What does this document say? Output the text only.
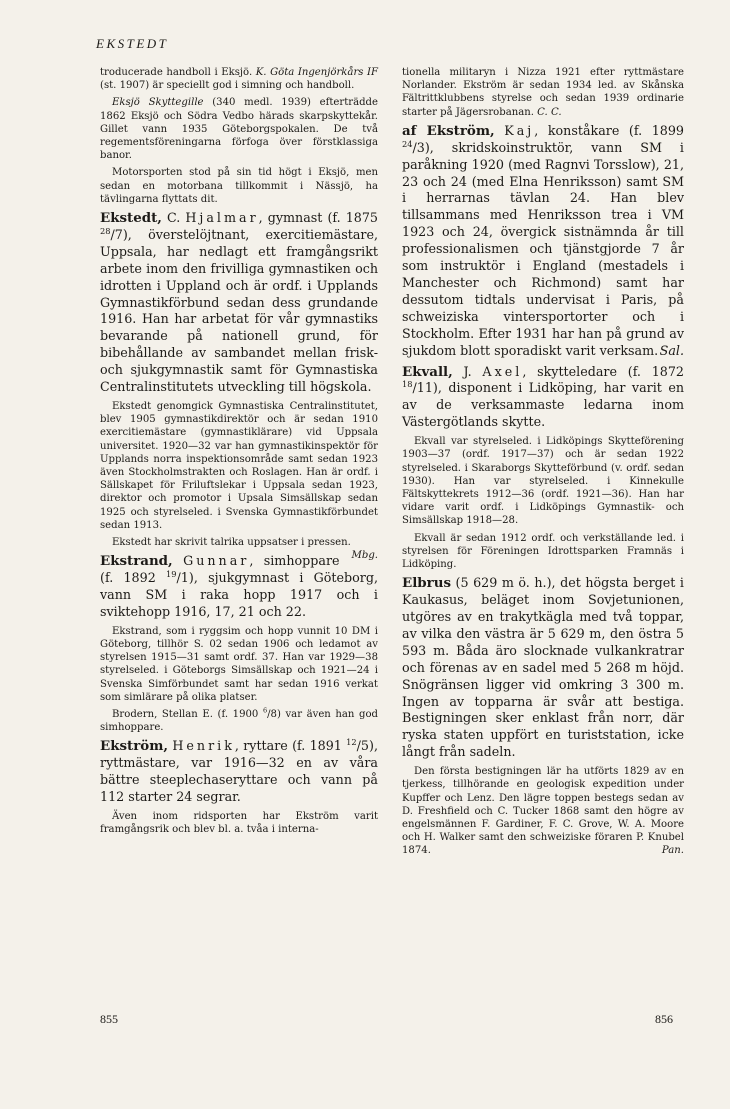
EKSTEDT

troducerade handboll i Eksjö. K. Göta Ingenjörkårs IF (st. 1907) är speciellt god i simning och handboll.

Eksjö Skyttegille (340 medl. 1939) efterträdde 1862 Eksjö och Södra Vedbo härads skarpskyttekår. Gillet vann 1935 Göteborgspokalen. De två regementsföreningarna förfoga över förstklassiga banor.

Motorsporten stod på sin tid högt i Eksjö, men sedan en motorbana tillkommit i Nässjö, ha tävlingarna flyttats dit.

Ekstedt, C. Hjalmar, gymnast (f. 1875 $^{28}$/7), överstelöjtnant, exercitiemästare, Uppsala, har nedlagt ett framgångsrikt arbete inom den frivilliga gymnastiken och idrotten i Uppland och är ordf. i Upplands Gymnastikförbund sedan dess grundande 1916. Han har arbetat för vår gymnastiks bevarande på nationell grund, för bibehållande av sambandet mellan frisk- och sjukgymnastik samt för Gymnastiska Centralinstitutets utveckling till högskola.

Ekstedt genomgick Gymnastiska Centralinstitutet, blev 1905 gymnastikdirektör och är sedan 1910 exercitiemästare (gymnastiklärare) vid Uppsala universitet. 1920—32 var han gymnastikinspektör för Upplands norra inspektionsområde samt sedan 1923 även Stockholmstrakten och Roslagen. Han är ordf. i Sällskapet för Friluftslekar i Uppsala sedan 1923, direktor och promotor i Upsala Simsällskap sedan 1925 och styrelseled. i Svenska Gymnastikförbundet sedan 1913.

Ekstedt har skrivit talrika uppsatser i pressen.
Mbg.

Ekstrand, Gunnar, simhoppare (f. 1892 $^{19}$/1), sjukgymnast i Göteborg, vann SM i raka hopp 1917 och i sviktehopp 1916, 17, 21 och 22.

Ekstrand, som i ryggsim och hopp vunnit 10 DM i Göteborg, tillhör S. 02 sedan 1906 och ledamot av styrelsen 1915—31 samt ordf. 37. Han var 1929—38 styrelseled. i Göteborgs Simsällskap och 1921—24 i Svenska Simförbundet samt har sedan 1916 verkat som simlärare på olika platser.

Brodern, Stellan E. (f. 1900 $^6$/8) var även han god simhoppare.

Ekström, Henrik, ryttare (f. 1891 $^{12}$/5), ryttmästare, var 1916—32 en av våra bättre steeplechaseryttare och vann på 112 starter 24 segrar.

Även inom ridsporten har Ekström varit framgångsrik och blev bl. a. tvåa i interna-

tionella militaryn i Nizza 1921 efter ryttmästare Norlander. Ekström är sedan 1934 led. av Skånska Fältrittklubbens styrelse och sedan 1939 ordinarie starter på Jägersrobanan. C. C.

af Ekström, Kaj, konståkare (f. 1899 $^{24}$/3), skridskoinstruktör, vann SM i paråkning 1920 (med Ragnvi Torsslow), 21, 23 och 24 (med Elna Henriksson) samt SM i herrarnas tävlan 24. Han blev tillsammans med Henriksson trea i VM 1923 och 24, övergick sistnämnda år till professionalismen och tjänstgjorde 7 år som instruktör i England (mestadels i Manchester och Richmond) samt har dessutom tidtals undervisat i Paris, på schweiziska vintersportorter och i Stockholm. Efter 1931 har han på grund av sjukdom blott sporadiskt varit verksam. Sal.

Ekvall, J. Axel, skytteledare (f. 1872 $^{18}$/11), disponent i Lidköping, har varit en av de verksammaste ledarna inom Västergötlands skytte.

Ekvall var styrelseled. i Lidköpings Skytteförening 1903—37 (ordf. 1917—37) och är sedan 1922 styrelseled. i Skaraborgs Skytteförbund (v. ordf. sedan 1930). Han var styrelseled. i Kinnekulle Fältskyttekrets 1912—36 (ordf. 1921—36). Han har vidare varit ordf. i Lidköpings Gymnastik- och Simsällskap 1918—28.

Ekvall är sedan 1912 ordf. och verkställande led. i styrelsen för Föreningen Idrottsparken Framnäs i Lidköping.

Elbrus (5 629 m ö. h.), det högsta berget i Kaukasus, beläget inom Sovjetunionen, utgöres av en trakytkägla med två toppar, av vilka den västra är 5 629 m, den östra 5 593 m. Båda äro slocknade vulkankratrar och förenas av en sadel med 5 268 m höjd. Snögränsen ligger vid omkring 3 300 m. Ingen av topparna är svår att bestiga. Bestigningen sker enklast från norr, där ryska staten uppfört en turiststation, icke långt från sadeln.

Den första bestigningen lär ha utförts 1829 av en tjerkess, tillhörande en geologisk expedition under Kupffer och Lenz. Den lägre toppen bestegs sedan av D. Freshfield och C. Tucker 1868 samt den högre av engelsmännen F. Gardiner, F. C. Grove, W. A. Moore och H. Walker samt den schweiziske föraren P. Knubel 1874.	Pan.

855	856
